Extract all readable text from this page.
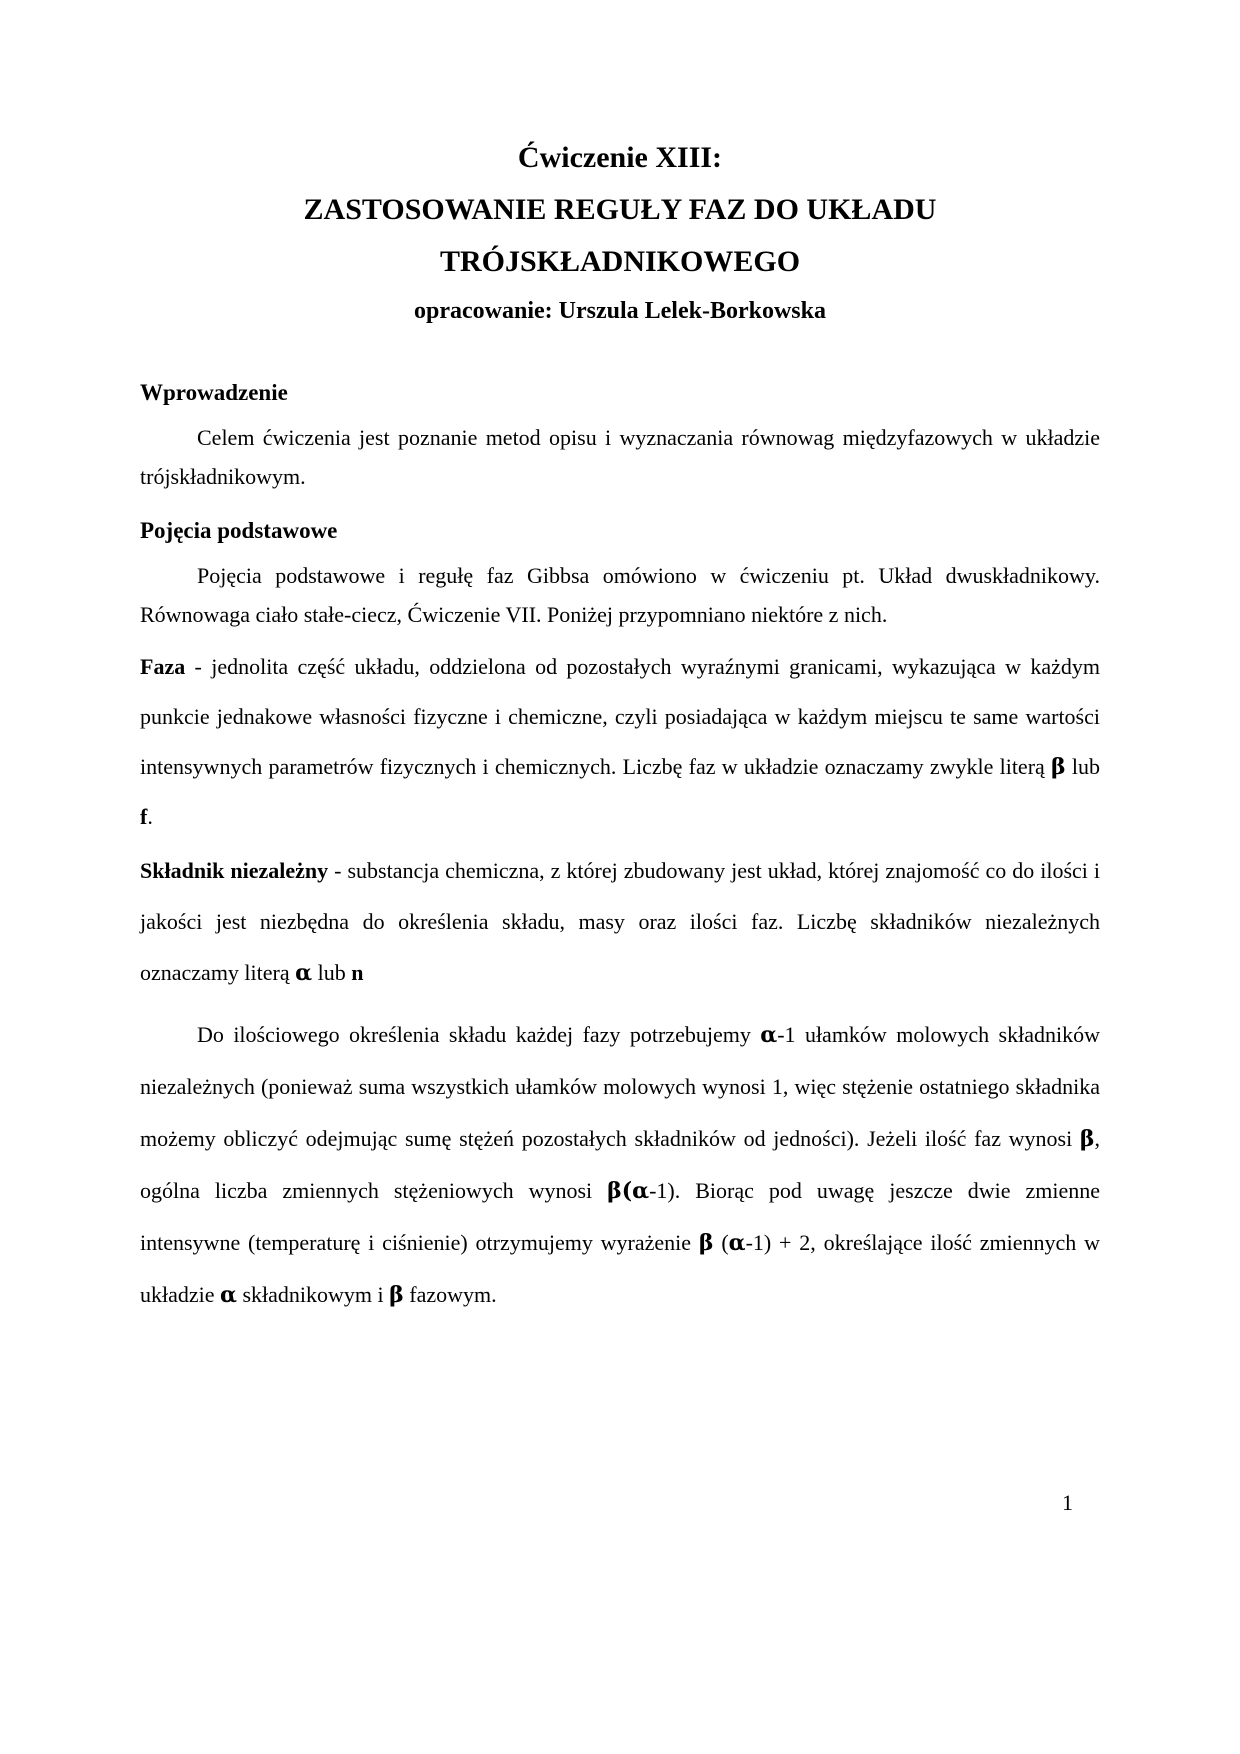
Ćwiczenie XIII:
ZASTOSOWANIE REGUŁY FAZ DO UKŁADU
TRÓJSKŁADNIKOWEGO
opracowanie: Urszula Lelek-Borkowska
Wprowadzenie

Celem ćwiczenia jest poznanie metod opisu i wyznaczania równowag międzyfazowych w układzie trójskładnikowym.

Pojęcia podstawowe

Pojęcia podstawowe i regułę faz Gibbsa omówiono w ćwiczeniu pt. Układ dwuskładnikowy. Równowaga ciało stałe-ciecz, Ćwiczenie VII. Poniżej przypomniano niektóre z nich.

Faza - jednolita część układu, oddzielona od pozostałych wyraźnymi granicami, wykazująca w każdym punkcie jednakowe własności fizyczne i chemiczne, czyli posiadająca w każdym miejscu te same wartości intensywnych parametrów fizycznych i chemicznych. Liczbę faz w układzie oznaczamy zwykle literą β lub f.

Składnik niezależny - substancja chemiczna, z której zbudowany jest układ, której znajomość co do ilości i jakości jest niezbędna do określenia składu, masy oraz ilości faz. Liczbę składników niezależnych oznaczamy literą α lub n

Do ilościowego określenia składu każdej fazy potrzebujemy α-1 ułamków molowych składników niezależnych (ponieważ suma wszystkich ułamków molowych wynosi 1, więc stężenie ostatniego składnika możemy obliczyć odejmując sumę stężeń pozostałych składników od jedności). Jeżeli ilość faz wynosi β, ogólna liczba zmiennych stężeniowych wynosi β(α-1). Biorąc pod uwagę jeszcze dwie zmienne intensywne (temperaturę i ciśnienie) otrzymujemy wyrażenie β (α-1) + 2, określające ilość zmiennych w układzie α składnikowym i β fazowym.

1
